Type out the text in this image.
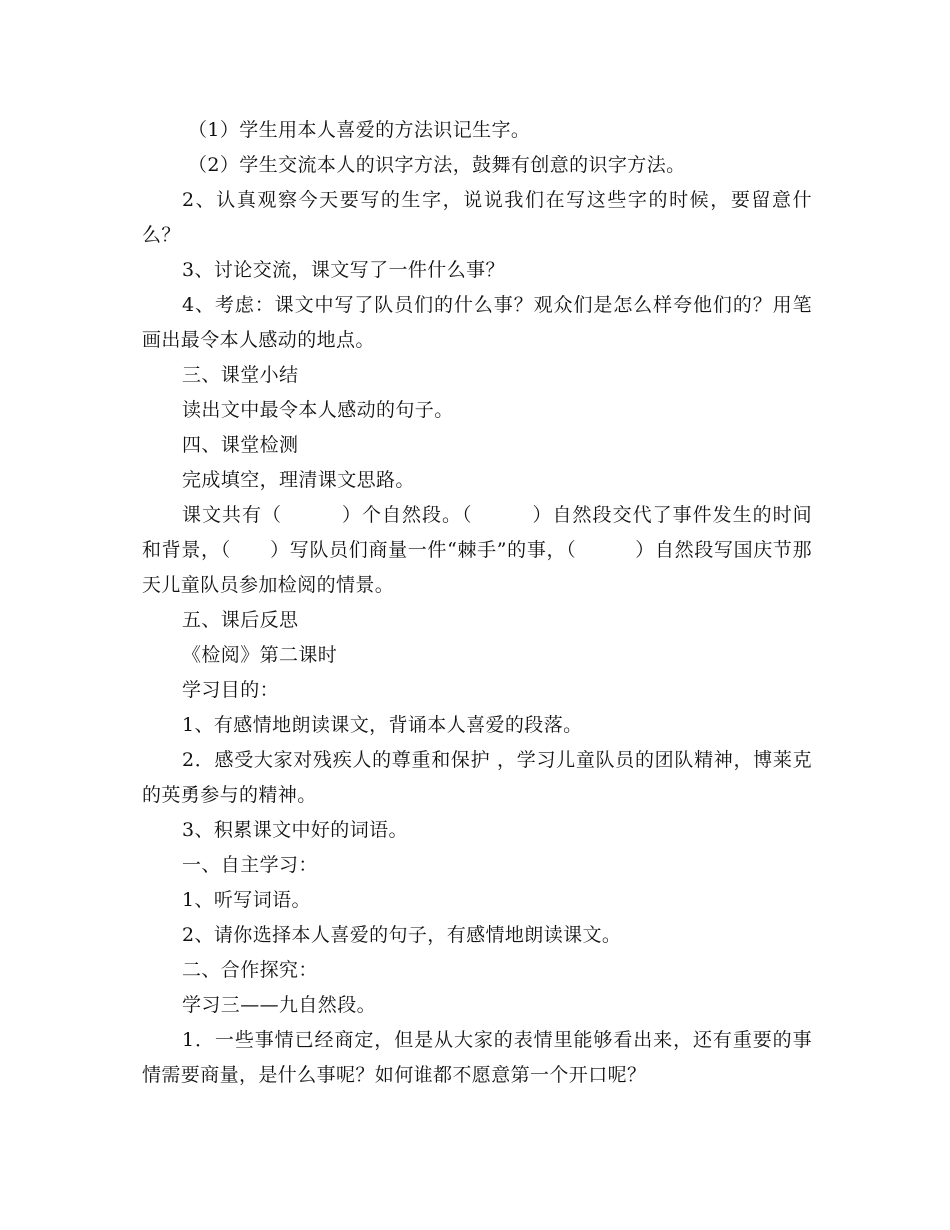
（1）学生用本人喜爱的方法识记生字。

（2）学生交流本人的识字方法，鼓舞有创意的识字方法。

2、认真观察今天要写的生字，说说我们在写这些字的时候，要留意什么？

3、讨论交流，课文写了一件什么事？

4、考虑：课文中写了队员们的什么事？观众们是怎么样夸他们的？用笔画出最令本人感动的地点。

三、课堂小结

读出文中最令本人感动的句子。

四、课堂检测

完成填空，理清课文思路。

课文共有（　　　）个自然段。（　　　）自然段交代了事件发生的时间和背景，（　　）写队员们商量一件“棘手”的事，（　　　）自然段写国庆节那天儿童队员参加检阅的情景。

五、课后反思

《检阅》第二课时

学习目的：

1、有感情地朗读课文，背诵本人喜爱的段落。

2．感受大家对残疾人的尊重和保护 ，学习儿童队员的团队精神，博莱克的英勇参与的精神。

3、积累课文中好的词语。

一、自主学习：

1、听写词语。

2、请你选择本人喜爱的句子，有感情地朗读课文。

二、合作探究：

学习三——九自然段。

1．一些事情已经商定，但是从大家的表情里能够看出来，还有重要的事情需要商量，是什么事呢？如何谁都不愿意第一个开口呢？
